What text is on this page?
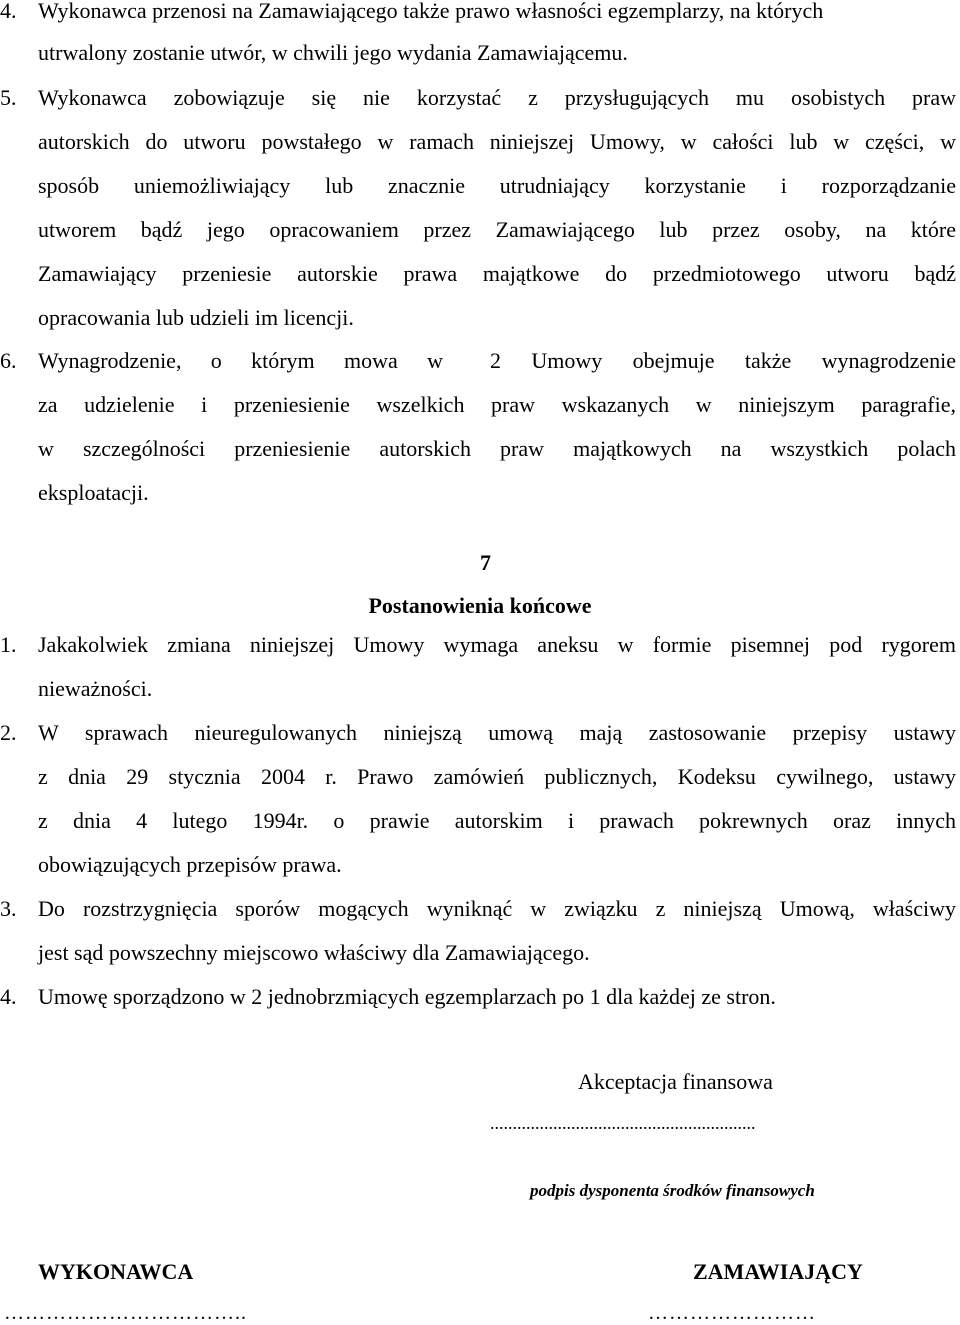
4. Wykonawca przenosi na Zamawiającego także prawo własności egzemplarzy, na których
utrwalony zostanie utwór, w chwili jego wydania Zamawiającemu.
5. Wykonawca zobowiązuje się nie korzystać z przysługujących mu osobistych praw
autorskich do utworu powstałego w ramach niniejszej Umowy, w całości lub w części, w
sposób uniemożliwiający lub znacznie utrudniający korzystanie i rozporządzanie
utworem bądź jego opracowaniem przez Zamawiającego lub przez osoby, na które
Zamawiający przeniesie autorskie prawa majątkowe do przedmiotowego utworu bądź
opracowania lub udzieli im licencji.
6. Wynagrodzenie, o którym mowa w 2 Umowy obejmuje także wynagrodzenie
za udzielenie i przeniesienie wszelkich praw wskazanych w niniejszym paragrafie,
w szczególności przeniesienie autorskich praw majątkowych na wszystkich polach
eksploatacji.
7
Postanowienia końcowe
1. Jakakolwiek zmiana niniejszej Umowy wymaga aneksu w formie pisemnej pod rygorem
nieważności.
2. W sprawach nieuregulowanych niniejszą umową mają zastosowanie przepisy ustawy
z dnia 29 stycznia 2004 r. Prawo zamówień publicznych, Kodeksu cywilnego, ustawy
z dnia 4 lutego 1994r. o prawie autorskim i prawach pokrewnych oraz innych
obowiązujących przepisów prawa.
3. Do rozstrzygnięcia sporów mogących wyniknąć w związku z niniejszą Umową, właściwy
jest sąd powszechny miejscowo właściwy dla Zamawiającego.
4. Umowę sporządzono w 2 jednobrzmiących egzemplarzach po 1 dla każdej ze stron.
Akceptacja finansowa
...........................................................
podpis dysponenta środków finansowych
WYKONAWCA	ZAMAWIAJĄCY
……………………………..	……………………
